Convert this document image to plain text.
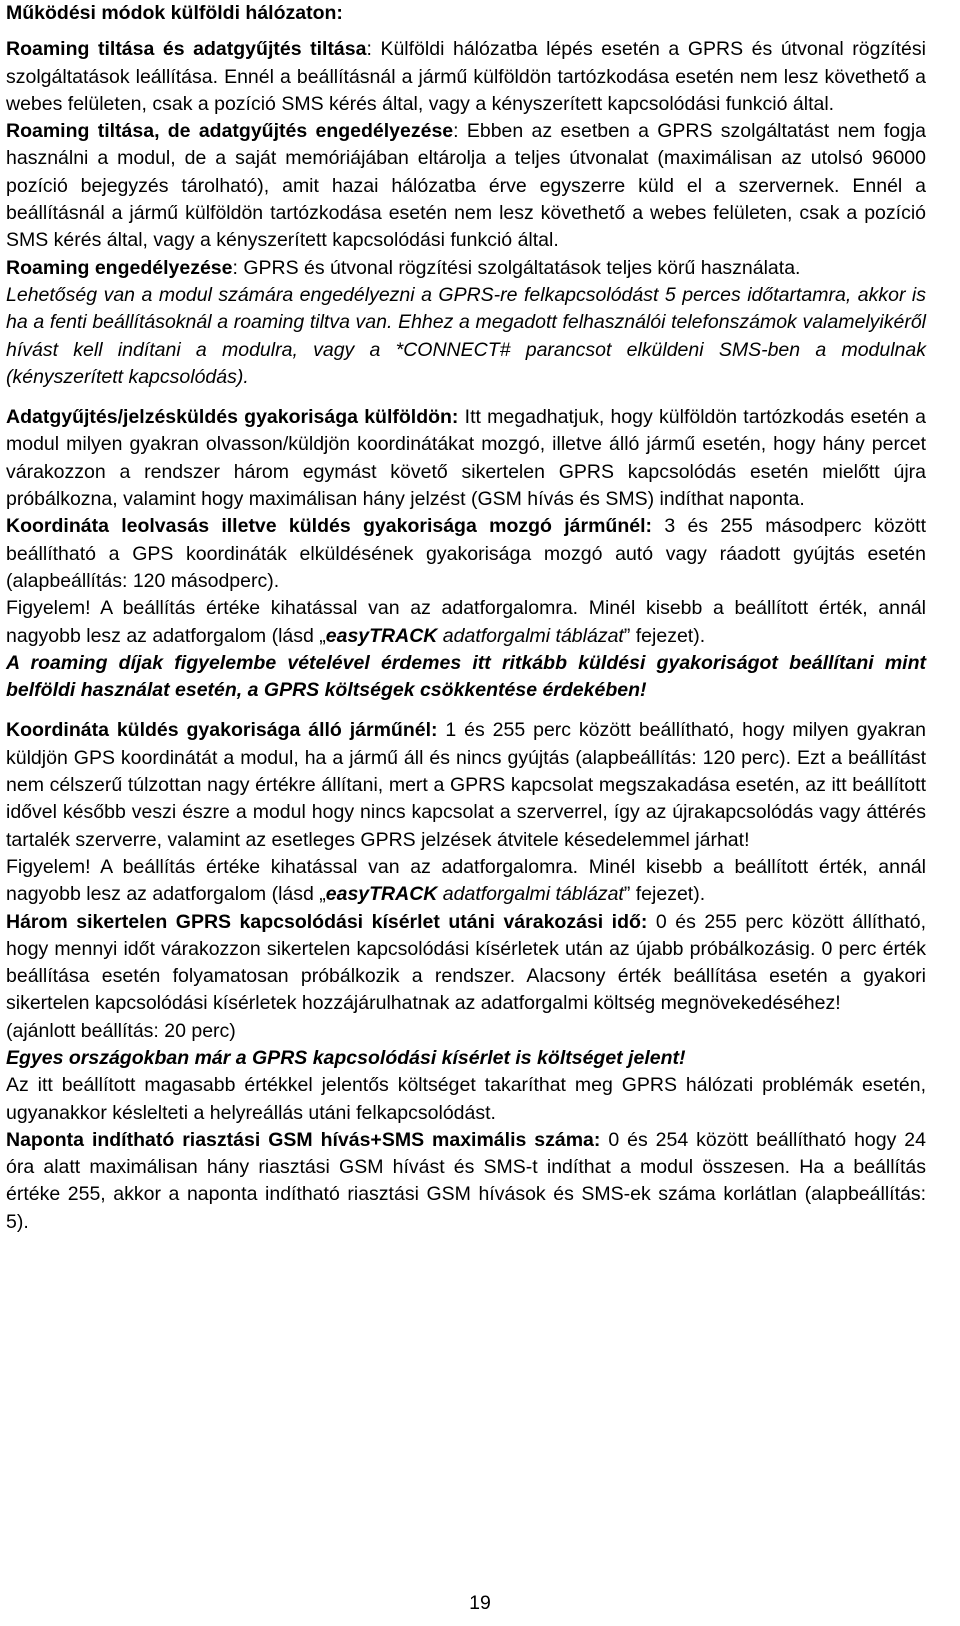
Működési módok külföldi hálózaton:

Roaming tiltása és adatgyűjtés tiltása: Külföldi hálózatba lépés esetén a GPRS és útvonal rögzítési szolgáltatások leállítása. Ennél a beállításnál a jármű külföldön tartózkodása esetén nem lesz követhető a webes felületen, csak a pozíció SMS kérés által, vagy a kényszerített kapcsolódási funkció által.

Roaming tiltása, de adatgyűjtés engedélyezése: Ebben az esetben a GPRS szolgáltatást nem fogja használni a modul, de a saját memóriájában eltárolja a teljes útvonalat (maximálisan az utolsó 96000 pozíció bejegyzés tárolható), amit hazai hálózatba érve egyszerre küld el a szervernek. Ennél a beállításnál a jármű külföldön tartózkodása esetén nem lesz követhető a webes felületen, csak a pozíció SMS kérés által, vagy a kényszerített kapcsolódási funkció által.

Roaming engedélyezése: GPRS és útvonal rögzítési szolgáltatások teljes körű használata.

Lehetőség van a modul számára engedélyezni a GPRS-re felkapcsolódást 5 perces időtartamra, akkor is ha a fenti beállításoknál a roaming tiltva van. Ehhez a megadott felhasználói telefonszámok valamelyikéről hívást kell indítani a modulra, vagy a *CONNECT# parancsot elküldeni SMS-ben a modulnak (kényszerített kapcsolódás).

Adatgyűjtés/jelzésküldés gyakorisága külföldön: Itt megadhatjuk, hogy külföldön tartózkodás esetén a modul milyen gyakran olvasson/küldjön koordinátákat mozgó, illetve álló jármű esetén, hogy hány percet várakozzon a rendszer három egymást követő sikertelen GPRS kapcsolódás esetén mielőtt újra próbálkozna, valamint hogy maximálisan hány jelzést (GSM hívás és SMS) indíthat naponta.

Koordináta leolvasás illetve küldés gyakorisága mozgó járműnél: 3 és 255 másodperc között beállítható a GPS koordináták elküldésének gyakorisága mozgó autó vagy ráadott gyújtás esetén (alapbeállítás: 120 másodperc).

Figyelem! A beállítás értéke kihatással van az adatforgalomra. Minél kisebb a beállított érték, annál nagyobb lesz az adatforgalom (lásd „easyTRACK adatforgalmi táblázat” fejezet).

A roaming díjak figyelembe vételével érdemes itt ritkább küldési gyakoriságot beállítani mint belföldi használat esetén, a GPRS költségek csökkentése érdekében!

Koordináta küldés gyakorisága álló járműnél: 1 és 255 perc között beállítható, hogy milyen gyakran küldjön GPS koordinátát a modul, ha a jármű áll és nincs gyújtás (alapbeállítás: 120 perc). Ezt a beállítást nem célszerű túlzottan nagy értékre állítani, mert a GPRS kapcsolat megszakadása esetén, az itt beállított idővel később veszi észre a modul hogy nincs kapcsolat a szerverrel, így az újrakapcsolódás vagy áttérés tartalék szerverre, valamint az esetleges GPRS jelzések átvitele késedelemmel járhat!

Figyelem! A beállítás értéke kihatással van az adatforgalomra. Minél kisebb a beállított érték, annál nagyobb lesz az adatforgalom (lásd „easyTRACK adatforgalmi táblázat” fejezet).

Három sikertelen GPRS kapcsolódási kísérlet utáni várakozási idő: 0 és 255 perc között állítható, hogy mennyi időt várakozzon sikertelen kapcsolódási kísérletek után az újabb próbálkozásig. 0 perc érték beállítása esetén folyamatosan próbálkozik a rendszer. Alacsony érték beállítása esetén a gyakori sikertelen kapcsolódási kísérletek hozzájárulhatnak az adatforgalmi költség megnövekedéséhez!

(ajánlott beállítás: 20 perc)

Egyes országokban már a GPRS kapcsolódási kísérlet is költséget jelent!

Az itt beállított magasabb értékkel jelentős költséget takaríthat meg GPRS hálózati problémák esetén, ugyanakkor késlelteti a helyreállás utáni felkapcsolódást.

Naponta indítható riasztási GSM hívás+SMS maximális száma: 0 és 254 között beállítható hogy 24 óra alatt maximálisan hány riasztási GSM hívást és SMS-t indíthat a modul összesen. Ha a beállítás értéke 255, akkor a naponta indítható riasztási GSM hívások és SMS-ek száma korlátlan (alapbeállítás: 5).

19
